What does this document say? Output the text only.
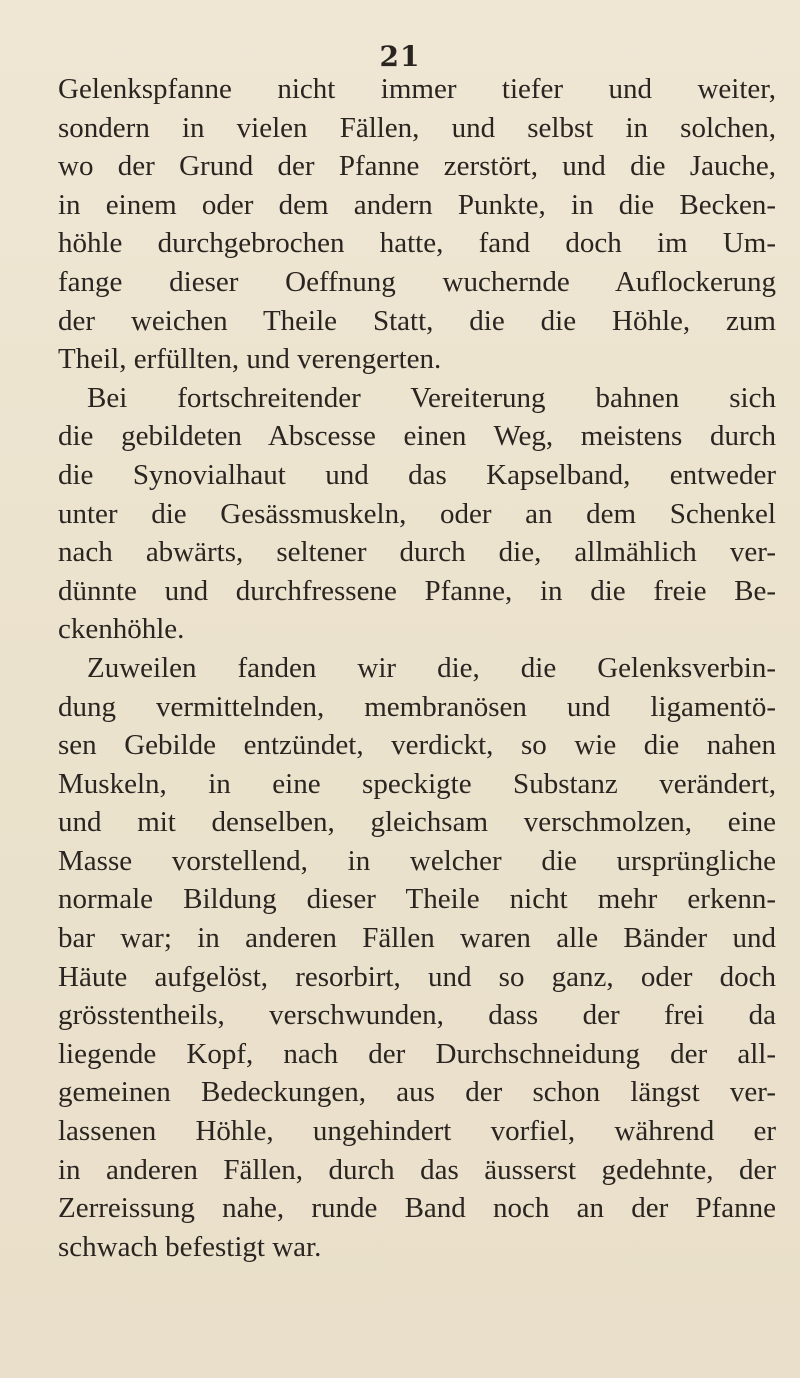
21
Gelenkspfanne nicht immer tiefer und weiter,
sondern in vielen Fällen, und selbst in solchen,
wo der Grund der Pfanne zerstört, und die Jauche,
in einem oder dem andern Punkte, in die Becken-
höhle durchgebrochen hatte, fand doch im Um-
fange dieser Oeffnung wuchernde Auflockerung
der weichen Theile Statt, die die Höhle, zum
Theil, erfüllten, und verengerten.
Bei fortschreitender Vereiterung bahnen sich
die gebildeten Abscesse einen Weg, meistens durch
die Synovialhaut und das Kapselband, entweder
unter die Gesässmuskeln, oder an dem Schenkel
nach abwärts, seltener durch die, allmählich ver-
dünnte und durchfressene Pfanne, in die freie Be-
ckenhöhle.
Zuweilen fanden wir die, die Gelenksverbin-
dung vermittelnden, membranösen und ligamentö-
sen Gebilde entzündet, verdickt, so wie die nahen
Muskeln, in eine speckigte Substanz verändert,
und mit denselben, gleichsam verschmolzen, eine
Masse vorstellend, in welcher die ursprüngliche
normale Bildung dieser Theile nicht mehr erkenn-
bar war; in anderen Fällen waren alle Bänder und
Häute aufgelöst, resorbirt, und so ganz, oder doch
grösstentheils, verschwunden, dass der frei da
liegende Kopf, nach der Durchschneidung der all-
gemeinen Bedeckungen, aus der schon längst ver-
lassenen Höhle, ungehindert vorfiel, während er
in anderen Fällen, durch das äusserst gedehnte, der
Zerreissung nahe, runde Band noch an der Pfanne
schwach befestigt war.
